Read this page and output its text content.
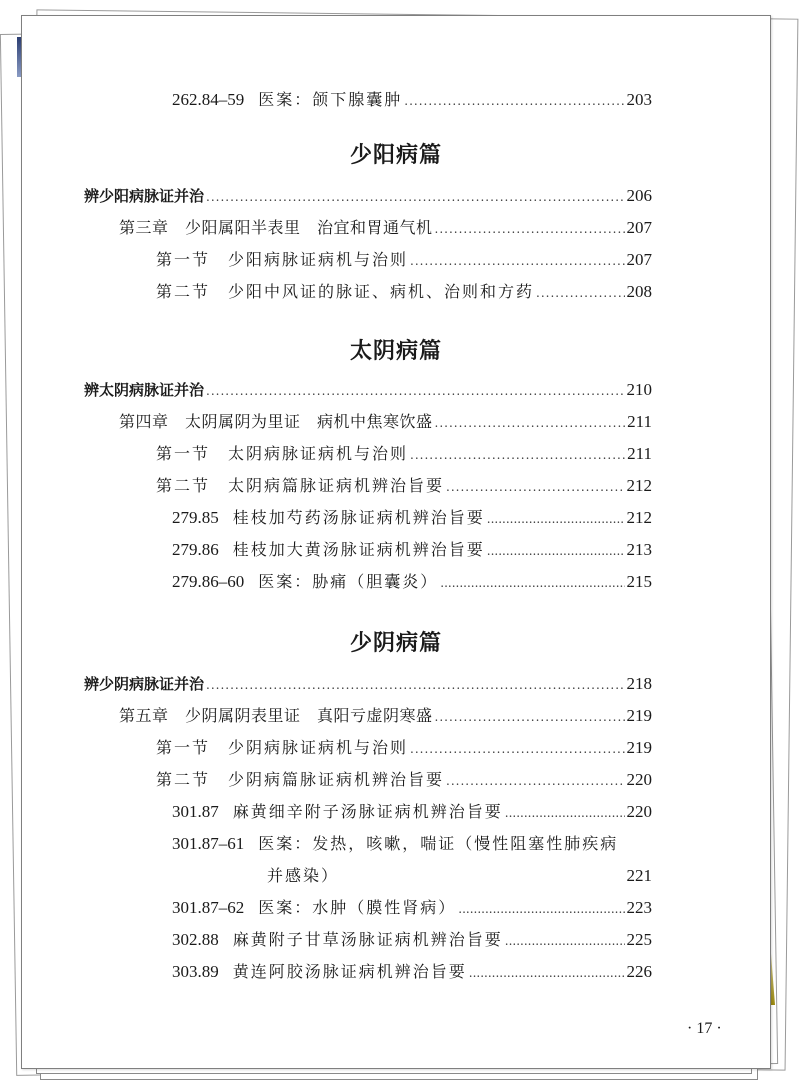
262.84–59 医案：颌下腺囊肿 .....	203
少阳病篇
辨少阳病脉证并治 .....	206
第三章　少阳属阳半表里　治宜和胃通气机 .....	207
第一节　少阳病脉证病机与治则 .....	207
第二节　少阳中风证的脉证、病机、治则和方药 .....	208
太阴病篇
辨太阴病脉证并治 .....	210
第四章　太阴属阴为里证　病机中焦寒饮盛 .....	211
第一节　太阴病脉证病机与治则 .....	211
第二节　太阴病篇脉证病机辨治旨要 .....	212
279.85 桂枝加芍药汤脉证病机辨治旨要 .....	212
279.86 桂枝加大黄汤脉证病机辨治旨要 .....	213
279.86–60 医案：胁痛（胆囊炎） .....	215
少阴病篇
辨少阴病脉证并治 .....	218
第五章　少阴属阴表里证　真阳亏虚阴寒盛 .....	219
第一节　少阴病脉证病机与治则 .....	219
第二节　少阴病篇脉证病机辨治旨要 .....	220
301.87 麻黄细辛附子汤脉证病机辨治旨要 .....	220
301.87–61 医案：发热，咳嗽，喘证（慢性阻塞性肺疾病
并感染）	221
301.87–62 医案：水肿（膜性肾病） .....	223
302.88 麻黄附子甘草汤脉证病机辨治旨要 .....	225
303.89 黄连阿胶汤脉证病机辨治旨要 .....	226
· 17 ·
